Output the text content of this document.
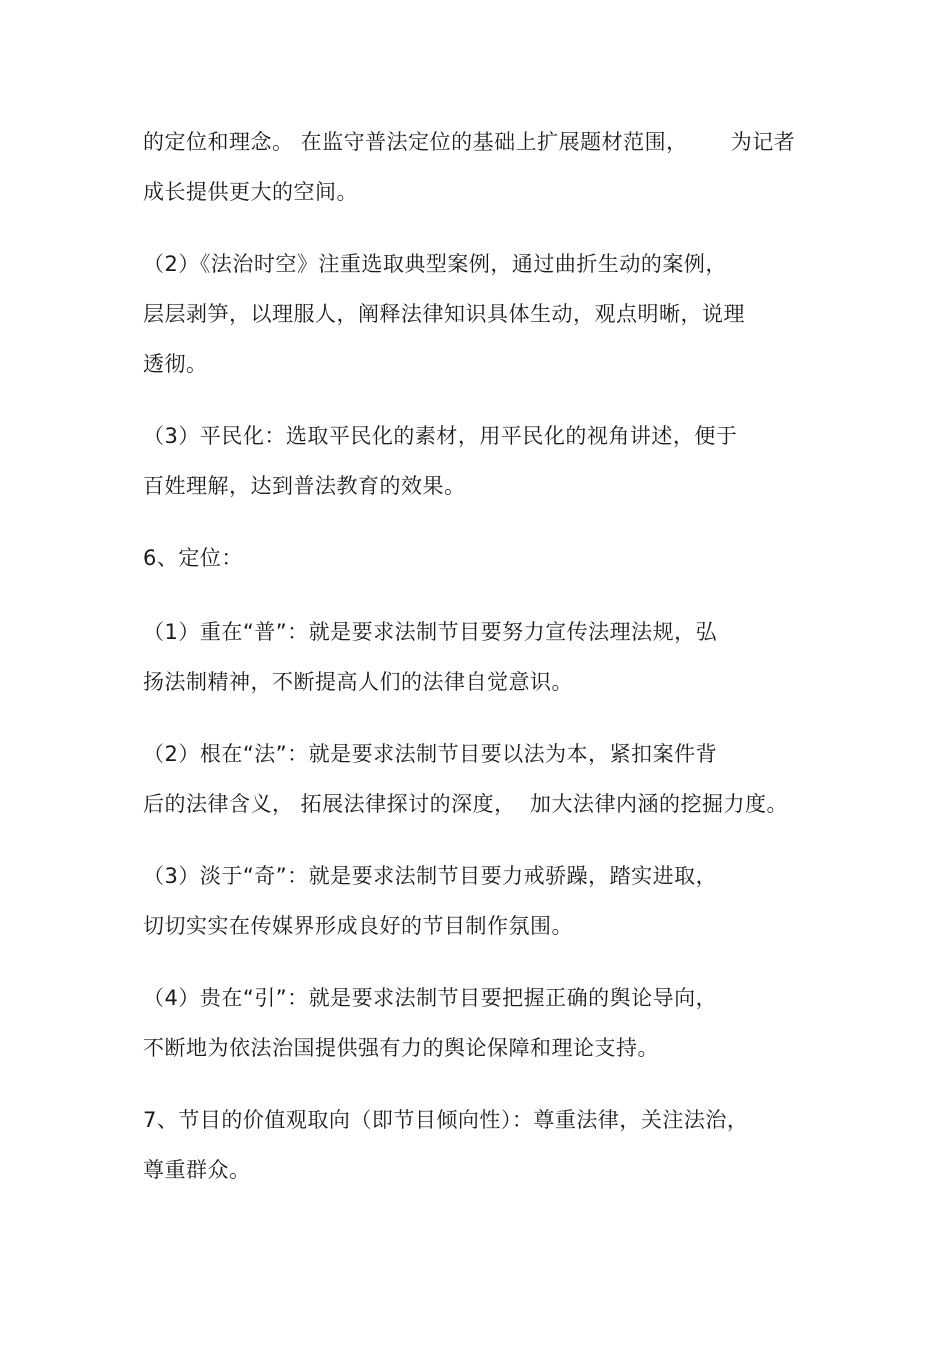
的定位和理念。 在监守普法定位的基础上扩展题材范围，      为记者
成长提供更大的空间。
（2）《法治时空》注重选取典型案例，通过曲折生动的案例，
层层剥笋，以理服人，阐释法律知识具体生动，观点明晰，说理
透彻。
（3）平民化：选取平民化的素材，用平民化的视角讲述，便于
百姓理解，达到普法教育的效果。
6、定位：
（1）重在“普”：就是要求法制节目要努力宣传法理法规，弘
扬法制精神，不断提高人们的法律自觉意识。
（2）根在“法”：就是要求法制节目要以法为本，紧扣案件背
后的法律含义， 拓展法律探讨的深度，  加大法律内涵的挖掘力度。
（3）淡于“奇”：就是要求法制节目要力戒骄躁，踏实进取，
切切实实在传媒界形成良好的节目制作氛围。
（4）贵在“引”：就是要求法制节目要把握正确的舆论导向，
不断地为依法治国提供强有力的舆论保障和理论支持。
7、节目的价值观取向（即节目倾向性）：尊重法律，关注法治，
尊重群众。
